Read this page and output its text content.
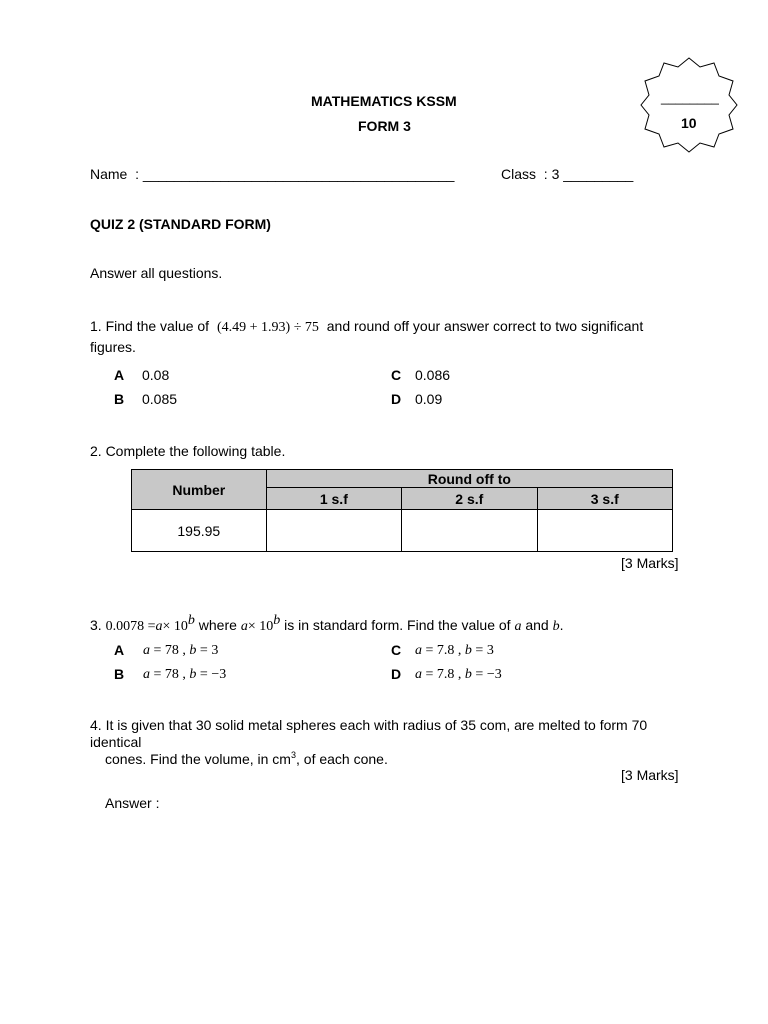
________
10
MATHEMATICS KSSM
FORM 3
Name  : ________________________________________	Class  : 3 _________
QUIZ 2 (STANDARD FORM)
Answer all questions.
1. Find the value of (4.49 + 1.93) ÷ 75 and round off your answer correct to two significant
figures.
A 0.08
B 0.085
C 0.086
D 0.09
2. Complete the following table.
Number	Round off to		
	1 s.f	2 s.f	3 s.f
195.95			
[3 Marks]
3. $0.0078 =a\times 10^b$ where $a\times 10^b$ is in standard form. Find the value of a and b.
A a = 78 , b = 3
B a = 78 , b = −3
C a = 7.8 , b = 3
D a = 7.8 , b = −3
4. It is given that 30 solid metal spheres each with radius of 35 com, are melted to form 70
identical
cones. Find the volume, in $cm^3$, of each cone.
[3 Marks]
Answer :
